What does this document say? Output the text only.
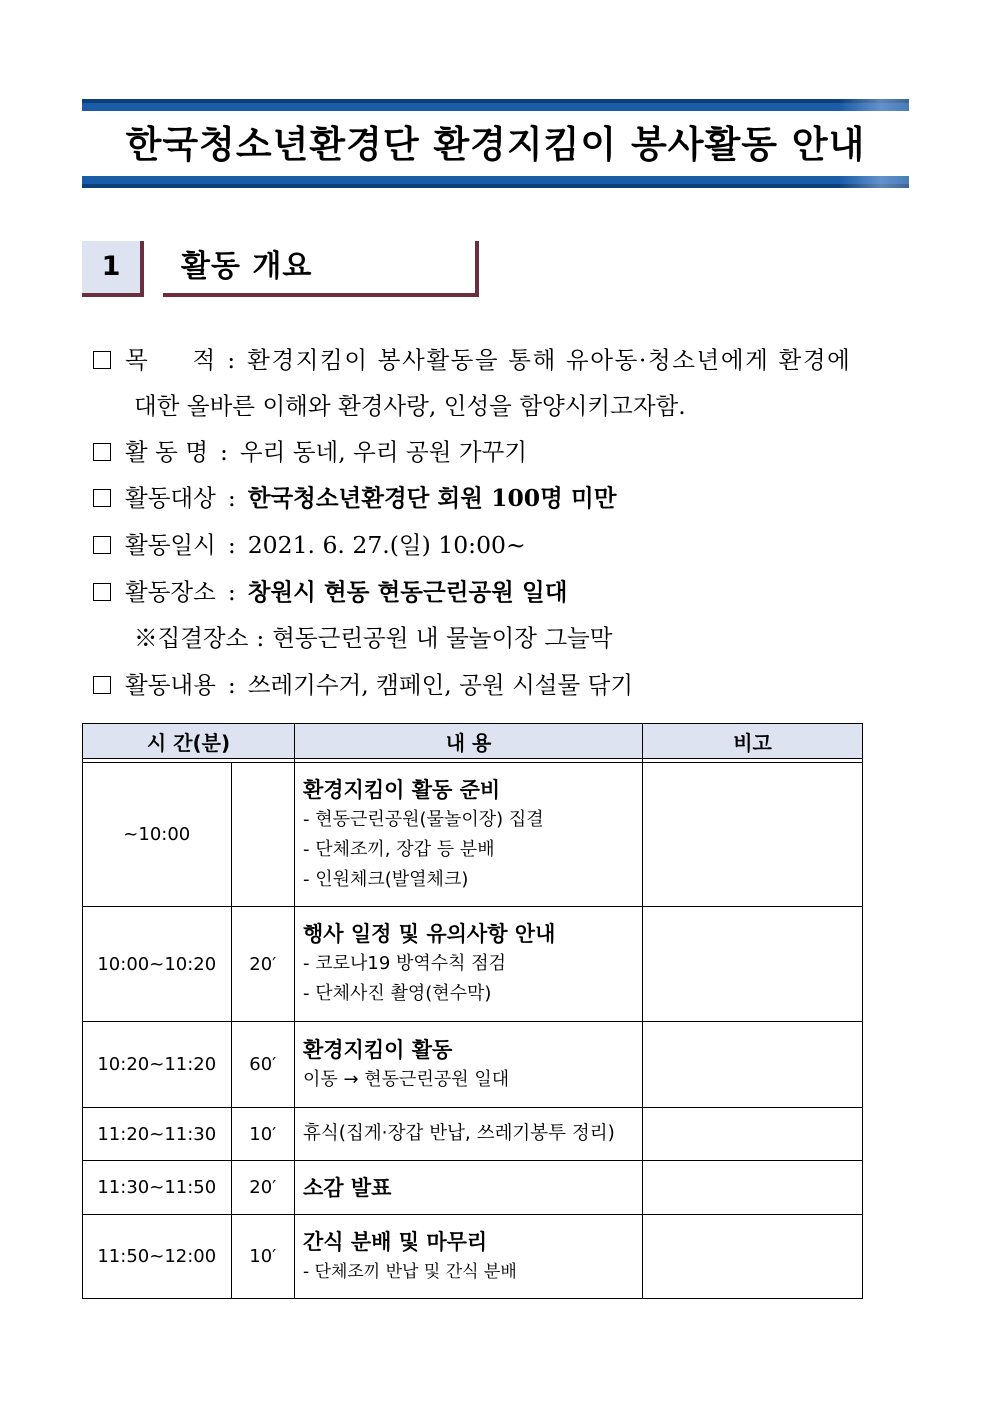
한국청소년환경단 환경지킴이 봉사활동 안내
1	활동 개요
목      적 : 환경지킴이 봉사활동을 통해 유아동·청소년에게 환경에
대한 올바른 이해와 환경사랑, 인성을 함양시키고자함.
활 동 명 : 우리 동네, 우리 공원 가꾸기
활동대상 : 한국청소년환경단 회원 100명 미만
활동일시 : 2021. 6. 27.(일) 10:00~
활동장소 : 창원시 현동 현동근린공원 일대
※집결장소 : 현동근린공원 내 물놀이장 그늘막
활동내용 : 쓰레기수거, 캠페인, 공원 시설물 닦기
시 간(분)		내 용	비고

~10:00		환경지킴이 활동 준비
- 현동근린공원(물놀이장) 집결
- 단체조끼, 장갑 등 분배
- 인원체크(발열체크)	

10:00~10:20	20′	행사 일정 및 유의사항 안내
- 코로나19 방역수칙 점검
- 단체사진 촬영(현수막)	

10:20~11:20	60′	환경지킴이 활동
이동 → 현동근린공원 일대	

11:20~11:30	10′	휴식(집게·장갑 반납, 쓰레기봉투 정리)	

11:30~11:50	20′	소감 발표	

11:50~12:00	10′	간식 분배 및 마무리
- 단체조끼 반납 및 간식 분배	
